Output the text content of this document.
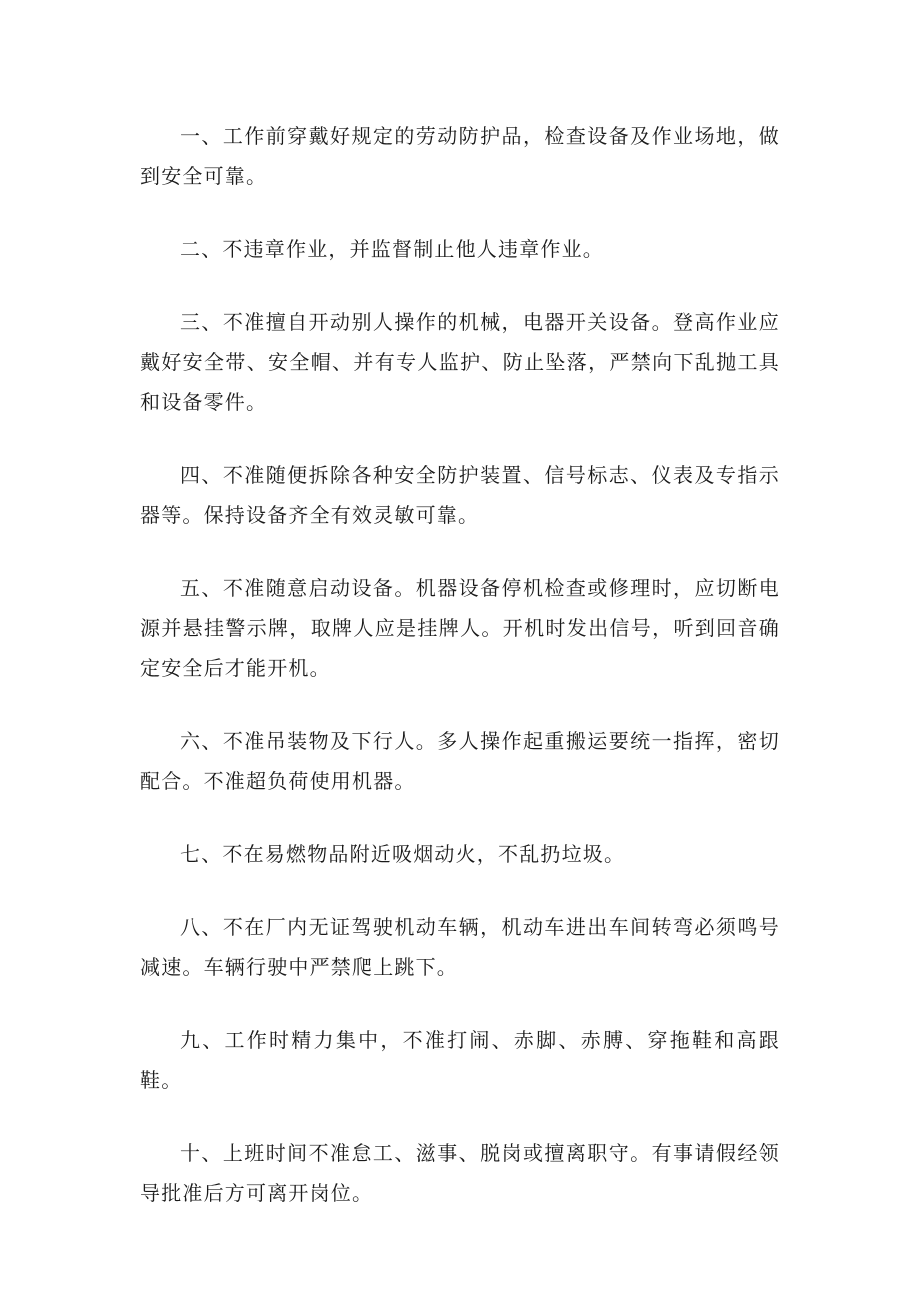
一、工作前穿戴好规定的劳动防护品，检查设备及作业场地，做到安全可靠。

二、不违章作业，并监督制止他人违章作业。

三、不准擅自开动别人操作的机械，电器开关设备。登高作业应戴好安全带、安全帽、并有专人监护、防止坠落，严禁向下乱抛工具和设备零件。

四、不准随便拆除各种安全防护装置、信号标志、仪表及专指示器等。保持设备齐全有效灵敏可靠。

五、不准随意启动设备。机器设备停机检查或修理时，应切断电源并悬挂警示牌，取牌人应是挂牌人。开机时发出信号，听到回音确定安全后才能开机。

六、不准吊装物及下行人。多人操作起重搬运要统一指挥，密切配合。不准超负荷使用机器。

七、不在易燃物品附近吸烟动火，不乱扔垃圾。

八、不在厂内无证驾驶机动车辆，机动车进出车间转弯必须鸣号减速。车辆行驶中严禁爬上跳下。

九、工作时精力集中，不准打闹、赤脚、赤膊、穿拖鞋和高跟鞋。

十、上班时间不准怠工、滋事、脱岗或擅离职守。有事请假经领导批准后方可离开岗位。
